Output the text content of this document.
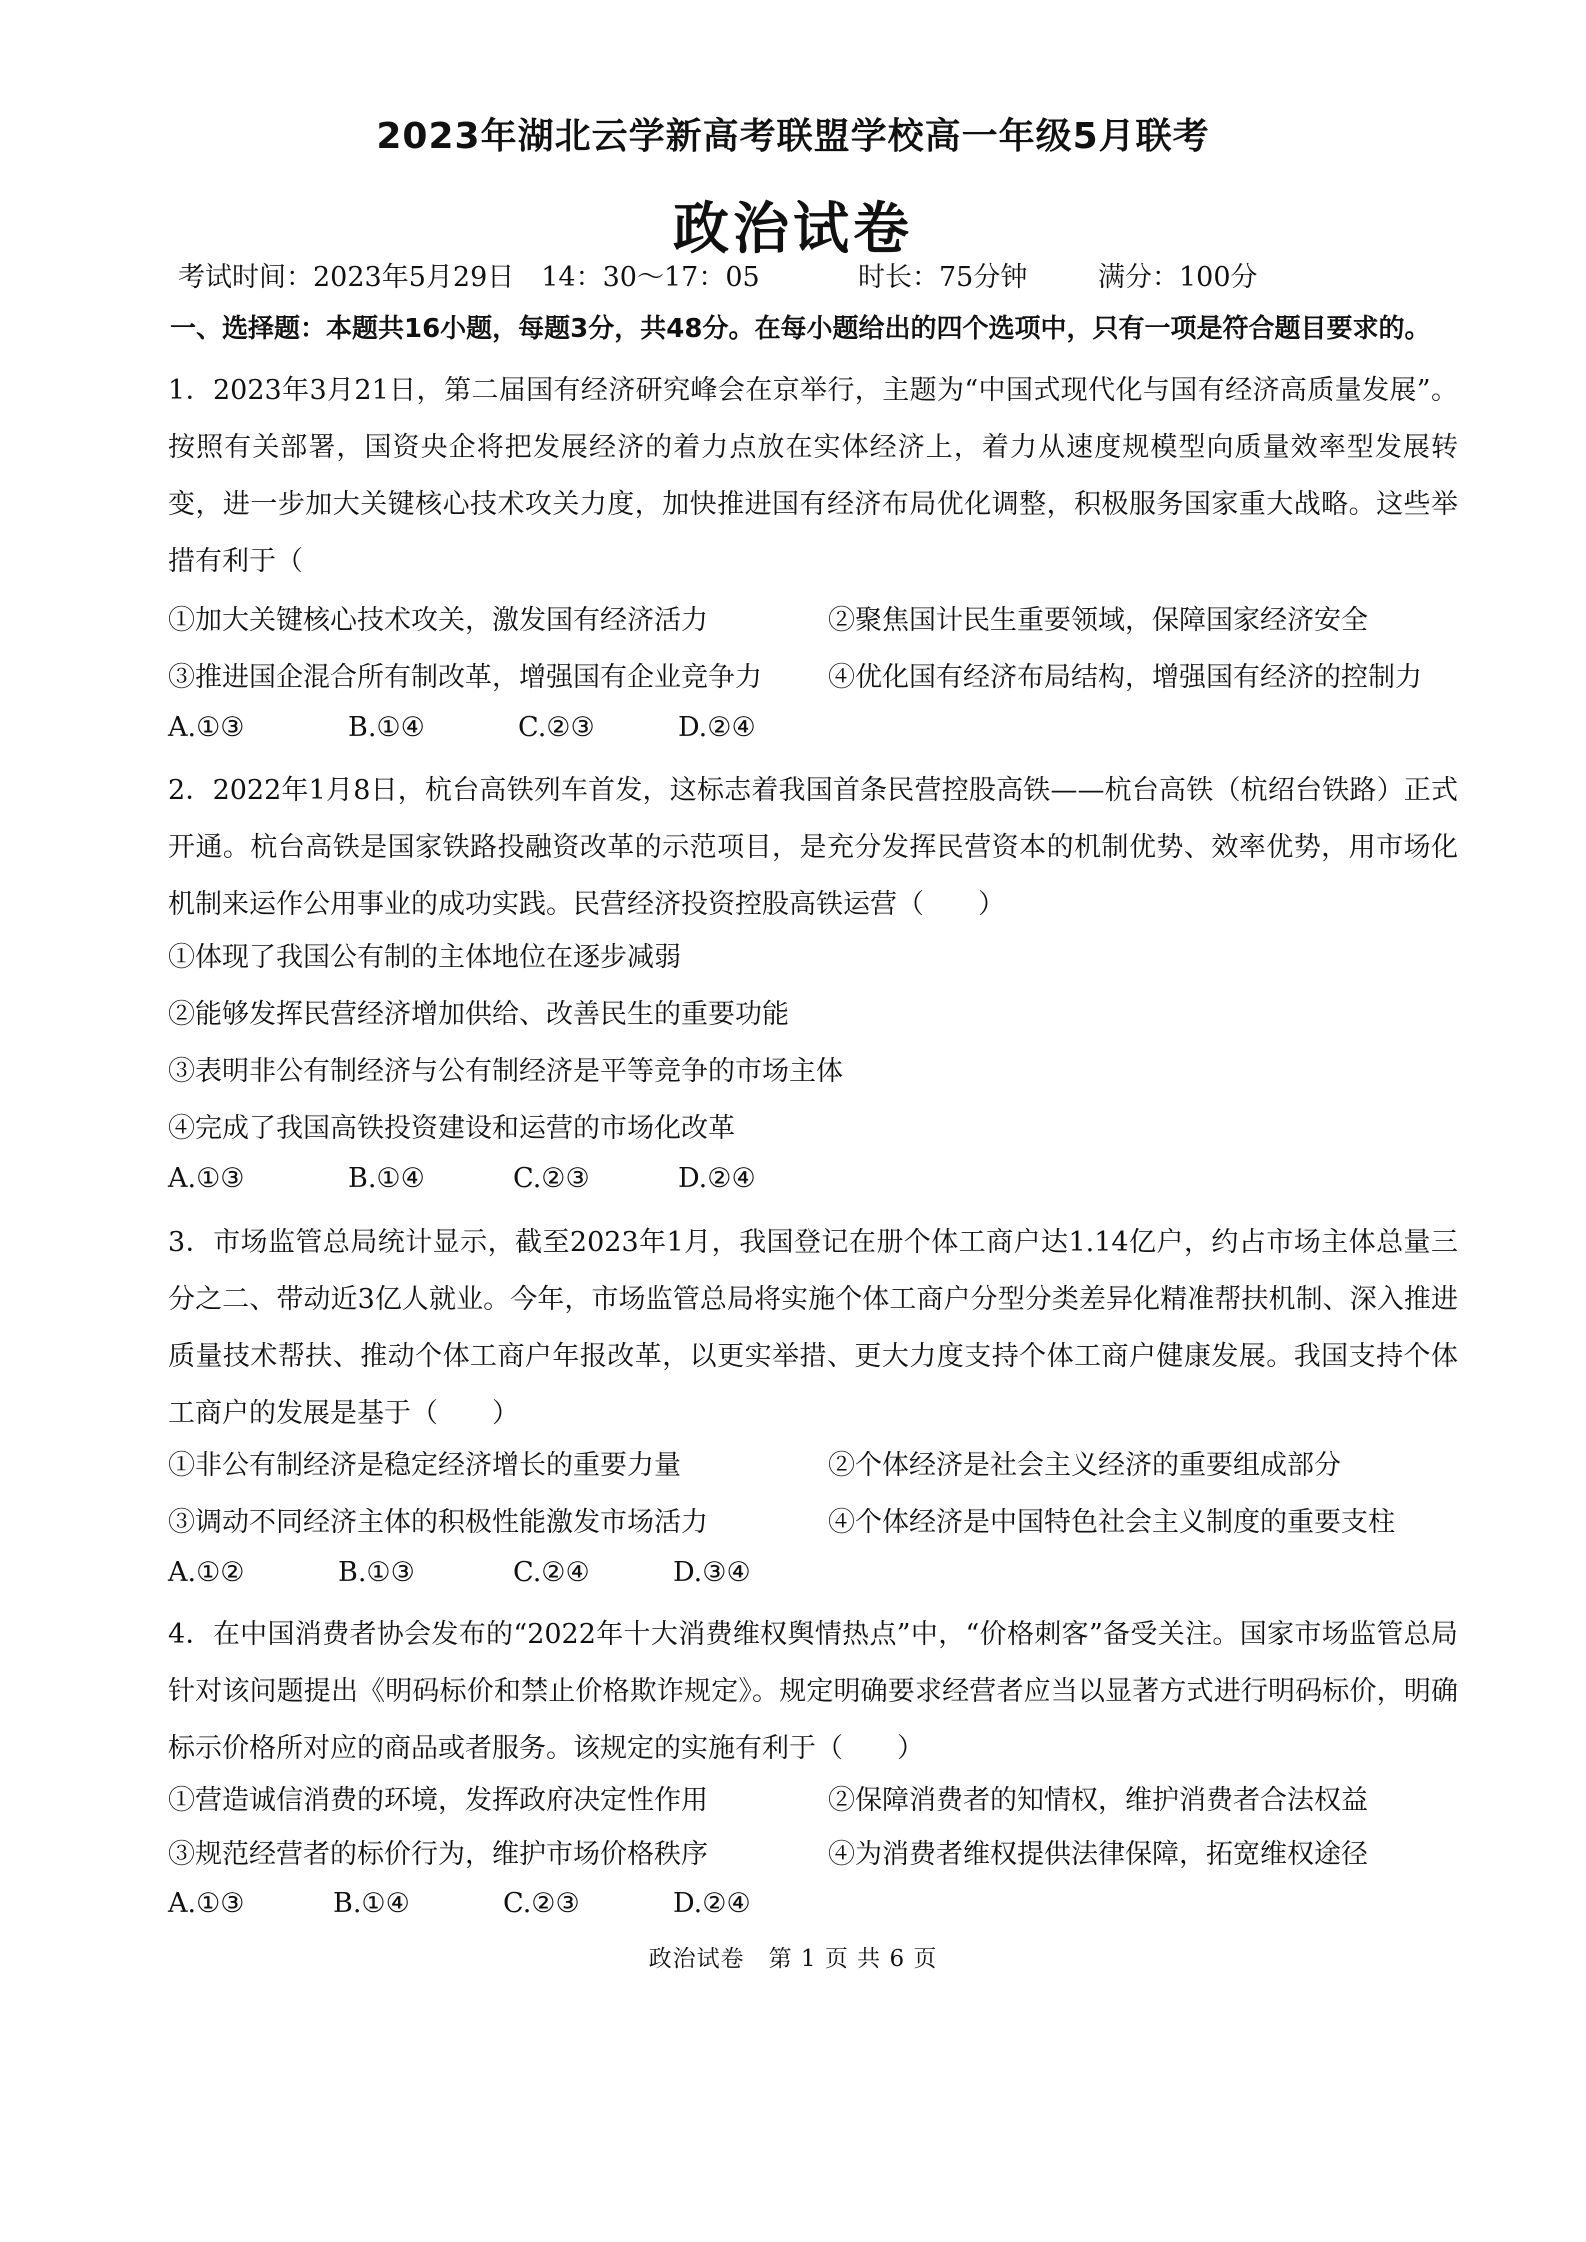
2023年湖北云学新高考联盟学校高一年级5月联考
政治试卷
考试时间：2023年5月29日　14：30～17：05	时长：75分钟	满分：100分
一、选择题：本题共16小题，每题3分，共48分。在每小题给出的四个选项中，只有一项是符合题目要求的。
1．2023年3月21日，第二届国有经济研究峰会在京举行，主题为“中国式现代化与国有经济高质量发展”。按照有关部署，国资央企将把发展经济的着力点放在实体经济上，着力从速度规模型向质量效率型发展转变，进一步加大关键核心技术攻关力度，加快推进国有经济布局优化调整，积极服务国家重大战略。这些举措有利于（
①加大关键核心技术攻关，激发国有经济活力	②聚焦国计民生重要领域，保障国家经济安全
③推进国企混合所有制改革，增强国有企业竞争力 ④优化国有经济布局结构，增强国有经济的控制力
A.①③	B.①④	C.②③	D.②④
2．2022年1月8日，杭台高铁列车首发，这标志着我国首条民营控股高铁——杭台高铁（杭绍台铁路）正式开通。杭台高铁是国家铁路投融资改革的示范项目，是充分发挥民营资本的机制优势、效率优势，用市场化机制来运作公用事业的成功实践。民营经济投资控股高铁运营（　　）
①体现了我国公有制的主体地位在逐步减弱
②能够发挥民营经济增加供给、改善民生的重要功能
③表明非公有制经济与公有制经济是平等竞争的市场主体
④完成了我国高铁投资建设和运营的市场化改革
A.①③	B.①④	C.②③	D.②④
3．市场监管总局统计显示，截至2023年1月，我国登记在册个体工商户达1.14亿户，约占市场主体总量三分之二、带动近3亿人就业。今年，市场监管总局将实施个体工商户分型分类差异化精准帮扶机制、深入推进质量技术帮扶、推动个体工商户年报改革，以更实举措、更大力度支持个体工商户健康发展。我国支持个体工商户的发展是基于（　　）
①非公有制经济是稳定经济增长的重要力量	②个体经济是社会主义经济的重要组成部分
③调动不同经济主体的积极性能激发市场活力	④个体经济是中国特色社会主义制度的重要支柱
A.①②	B.①③	C.②④	D.③④
4．在中国消费者协会发布的“2022年十大消费维权舆情热点”中，“价格刺客”备受关注。国家市场监管总局针对该问题提出《明码标价和禁止价格欺诈规定》。规定明确要求经营者应当以显著方式进行明码标价，明确标示价格所对应的商品或者服务。该规定的实施有利于（　　）
①营造诚信消费的环境，发挥政府决定性作用	②保障消费者的知情权，维护消费者合法权益
③规范经营者的标价行为，维护市场价格秩序	④为消费者维权提供法律保障，拓宽维权途径
A.①③	B.①④	C.②③	D.②④
政治试卷　第 1 页 共 6 页
